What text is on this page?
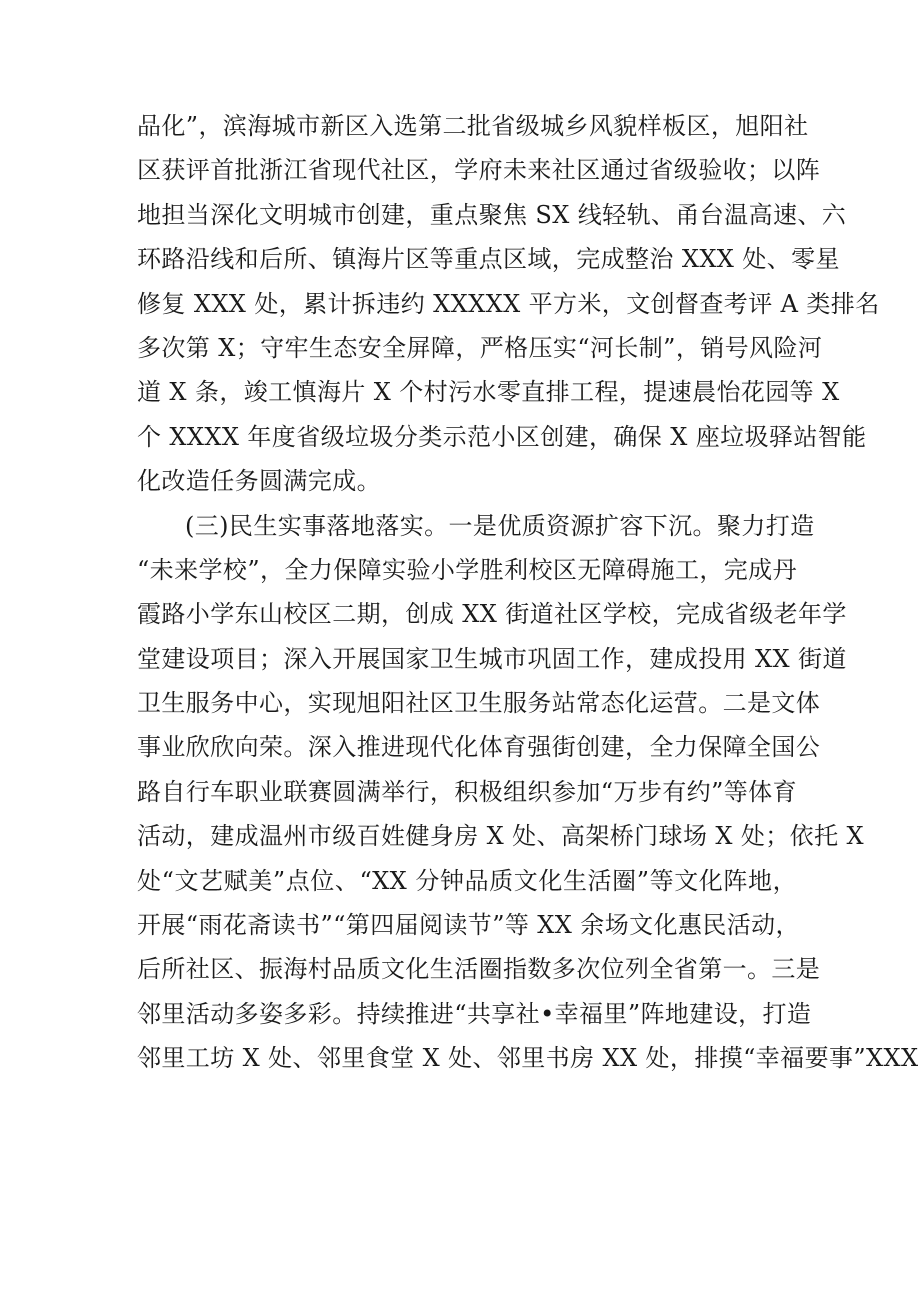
品化”，滨海城市新区入选第二批省级城乡风貌样板区，旭阳社
区获评首批浙江省现代社区，学府未来社区通过省级验收；以阵
地担当深化文明城市创建，重点聚焦 SX 线轻轨、甬台温高速、六
环路沿线和后所、镇海片区等重点区域，完成整治 XXX 处、零星
修复 XXX 处，累计拆违约 XXXXX 平方米，文创督查考评 A 类排名
多次第 X；守牢生态安全屏障，严格压实“河长制”，销号风险河
道 X 条，竣工慎海片 X 个村污水零直排工程，提速晨怡花园等 X
个 XXXX 年度省级垃圾分类示范小区创建，确保 X 座垃圾驿站智能
化改造任务圆满完成。
(三)民生实事落地落实。一是优质资源扩容下沉。聚力打造
“未来学校”，全力保障实验小学胜利校区无障碍施工，完成丹
霞路小学东山校区二期，创成 XX 街道社区学校，完成省级老年学
堂建设项目；深入开展国家卫生城市巩固工作，建成投用 XX 街道
卫生服务中心，实现旭阳社区卫生服务站常态化运营。二是文体
事业欣欣向荣。深入推进现代化体育强街创建，全力保障全国公
路自行车职业联赛圆满举行，积极组织参加“万步有约”等体育
活动，建成温州市级百姓健身房 X 处、高架桥门球场 X 处；依托 X
处“文艺赋美”点位、“XX 分钟品质文化生活圈”等文化阵地，
开展“雨花斋读书”“第四届阅读节”等 XX 余场文化惠民活动，
后所社区、振海村品质文化生活圈指数多次位列全省第一。三是
邻里活动多姿多彩。持续推进“共享社•幸福里”阵地建设，打造
邻里工坊 X 处、邻里食堂 X 处、邻里书房 XX 处，排摸“幸福要事”XXX
